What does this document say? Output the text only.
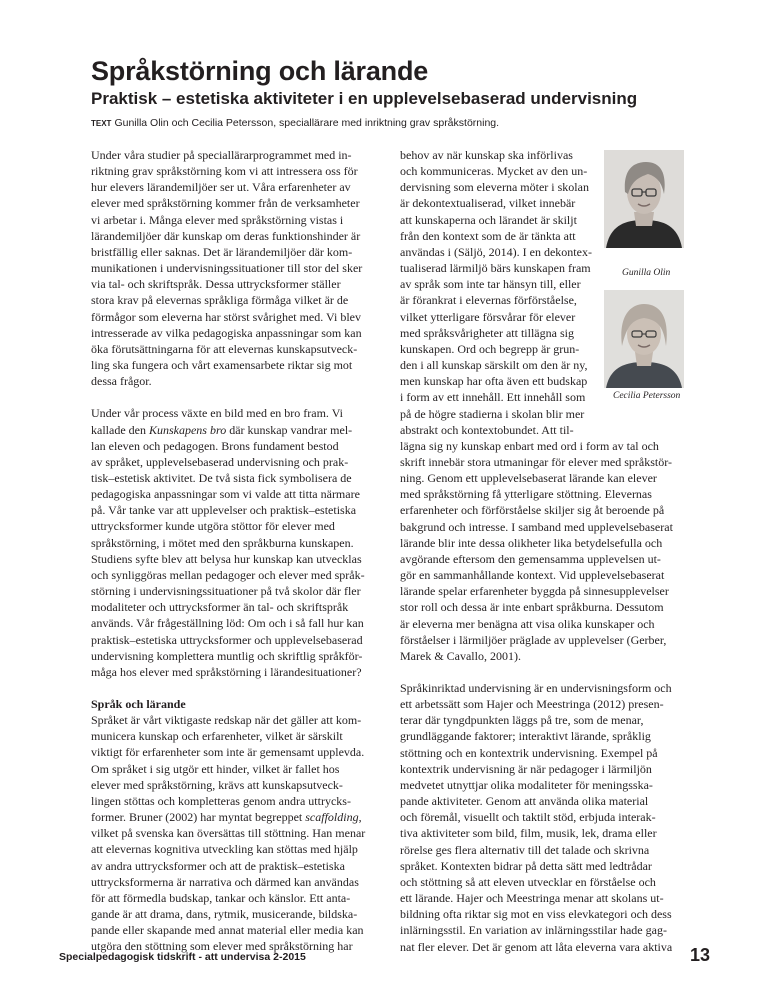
Språkstörning och lärande
Praktisk – estetiska aktiviteter i en upplevelsebaserad undervisning
TEXT Gunilla Olin och Cecilia Petersson, speciallärare med inriktning grav språkstörning.
Under våra studier på speciallärarprogrammet med in-
riktning grav språkstörning kom vi att intressera oss för
hur elevers lärandemiljöer ser ut. Våra erfarenheter av
elever med språkstörning kommer från de verksamheter
vi arbetar i. Många elever med språkstörning vistas i
lärandemiljöer där kunskap om deras funktionshinder är
bristfällig eller saknas. Det är lärandemiljöer där kom-
munikationen i undervisningssituationer till stor del sker
via tal- och skriftspråk. Dessa uttrycksformer ställer
stora krav på elevernas språkliga förmåga vilket är de
förmågor som eleverna har störst svårighet med. Vi blev
intresserade av vilka pedagogiska anpassningar som kan
öka förutsättningarna för att elevernas kunskapsutveck-
ling ska fungera och vårt examensarbete riktar sig mot
dessa frågor.
Under vår process växte en bild med en bro fram. Vi
kallade den Kunskapens bro där kunskap vandrar mel-
lan eleven och pedagogen. Brons fundament bestod
av språket, upplevelsebaserad undervisning och prak-
tisk–estetisk aktivitet. De två sista fick symbolisera de
pedagogiska anpassningar som vi valde att titta närmare
på. Vår tanke var att upplevelser och praktisk–estetiska
uttrycksformer kunde utgöra stöttor för elever med
språkstörning, i mötet med den språkburna kunskapen.
Studiens syfte blev att belysa hur kunskap kan utvecklas
och synliggöras mellan pedagoger och elever med språk-
störning i undervisningssituationer på två skolor där fler
modaliteter och uttrycksformer än tal- och skriftspråk
används. Vår frågeställning löd: Om och i så fall hur kan
praktisk–estetiska uttrycksformer och upplevelsebaserad
undervisning komplettera muntlig och skriftlig språkför-
måga hos elever med språkstörning i lärandesituationer?
Språk och lärande
Språket är vårt viktigaste redskap när det gäller att kom-
municera kunskap och erfarenheter, vilket är särskilt
viktigt för erfarenheter som inte är gemensamt upplevda.
Om språket i sig utgör ett hinder, vilket är fallet hos
elever med språkstörning, krävs att kunskapsutveck-
lingen stöttas och kompletteras genom andra uttrycks-
former. Bruner (2002) har myntat begreppet scaffolding,
vilket på svenska kan översättas till stöttning. Han menar
att elevernas kognitiva utveckling kan stöttas med hjälp
av andra uttrycksformer och att de praktisk–estetiska
uttrycksformerna är narrativa och därmed kan användas
för att förmedla budskap, tankar och känslor. Ett anta-
gande är att drama, dans, rytmik, musicerande, bildska-
pande eller skapande med annat material eller media kan
utgöra den stöttning som elever med språkstörning har
behov av när kunskap ska införlivas
och kommuniceras. Mycket av den un-
dervisning som eleverna möter i skolan
är dekontextualiserad, vilket innebär
att kunskaperna och lärandet är skiljt
från den kontext som de är tänkta att
användas i (Säljö, 2014). I en dekontex-
tualiserad lärmiljö bärs kunskapen fram
av språk som inte tar hänsyn till, eller
är förankrat i elevernas förförståelse,
vilket ytterligare försvårar för elever
med språksvårigheter att tillägna sig
kunskapen. Ord och begrepp är grun-
den i all kunskap särskilt om den är ny,
men kunskap har ofta även ett budskap
i form av ett innehåll. Ett innehåll som
på de högre stadierna i skolan blir mer
abstrakt och kontextobundet. Att til-
lägna sig ny kunskap enbart med ord i form av tal och
skrift innebär stora utmaningar för elever med språkstör-
ning. Genom ett upplevelsebaserat lärande kan elever
med språkstörning få ytterligare stöttning. Elevernas
erfarenheter och förförståelse skiljer sig åt beroende på
bakgrund och intresse. I samband med upplevelsebaserat
lärande blir inte dessa olikheter lika betydelsefulla och
avgörande eftersom den gemensamma upplevelsen ut-
gör en sammanhållande kontext. Vid upplevelsebaserat
lärande spelar erfarenheter byggda på sinnesupplevelser
stor roll och dessa är inte enbart språkburna. Dessutom
är eleverna mer benägna att visa olika kunskaper och
förståelser i lärmiljöer präglade av upplevelser (Gerber,
Marek & Cavallo, 2001).
Språkinriktad undervisning är en undervisningsform och
ett arbetssätt som Hajer och Meestringa (2012) presen-
terar där tyngdpunkten läggs på tre, som de menar,
grundläggande faktorer; interaktivt lärande, språklig
stöttning och en kontextrik undervisning. Exempel på
kontextrik undervisning är när pedagoger i lärmiljön
medvetet utnyttjar olika modaliteter för meningsska-
pande aktiviteter. Genom att använda olika material
och föremål, visuellt och taktilt stöd, erbjuda interak-
tiva aktiviteter som bild, film, musik, lek, drama eller
rörelse ges flera alternativ till det talade och skrivna
språket. Kontexten bidrar på detta sätt med ledtrådar
och stöttning så att eleven utvecklar en förståelse och
ett lärande. Hajer och Meestringa menar att skolans ut-
bildning ofta riktar sig mot en viss elevkategori och dess
inlärningsstil. En variation av inlärningsstilar hade gag-
nat fler elever. Det är genom att låta eleverna vara aktiva
Gunilla Olin
Cecilia Petersson
Specialpedagogisk tidskrift - att undervisa 2-2015	13
